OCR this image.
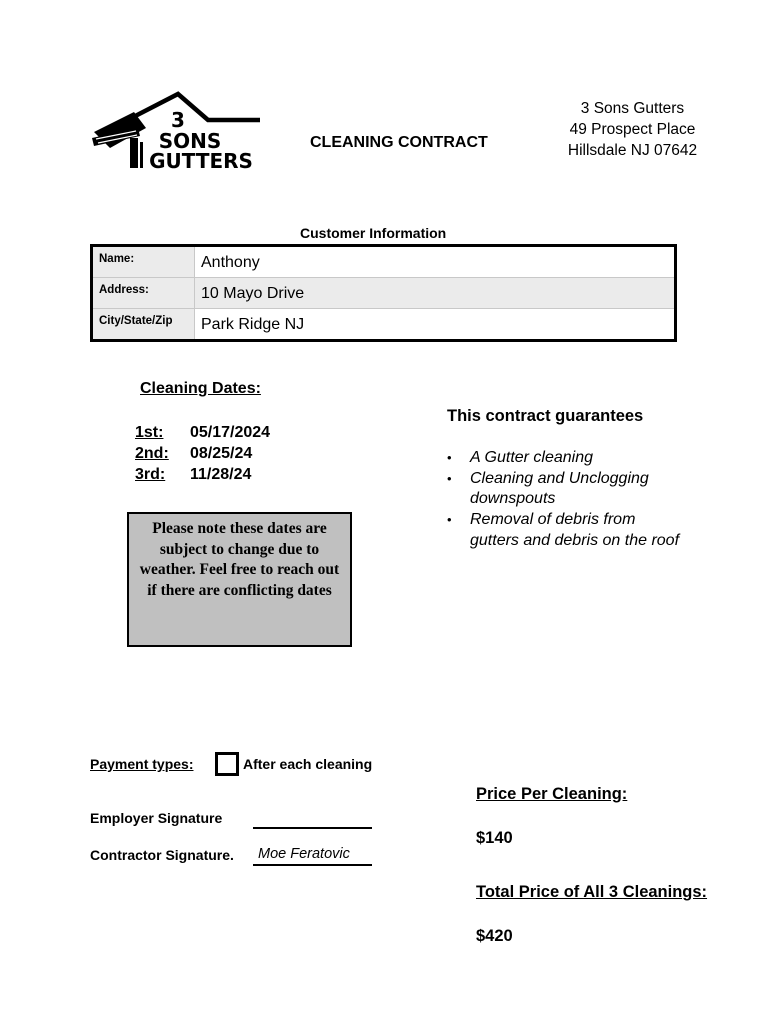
3
SONS
GUTTERS
CLEANING CONTRACT
3 Sons Gutters
49 Prospect Place
Hillsdale NJ 07642
Customer Information
Name:	Anthony
Address:	10 Mayo Drive
City/State/Zip	Park Ridge NJ
Cleaning Dates:
1st:	05/17/2024
2nd:	08/25/24
3rd:	11/28/24
Please note these dates are subject to change due to weather. Feel free to reach out if there are conflicting dates
This contract guarantees
• A Gutter cleaning
• Cleaning and Unclogging downspouts
• Removal of debris from gutters and debris on the roof
Payment types:	After each cleaning
Employer Signature
Contractor Signature. Moe Feratovic
Price Per Cleaning:
$140
Total Price of All 3 Cleanings:
$420
